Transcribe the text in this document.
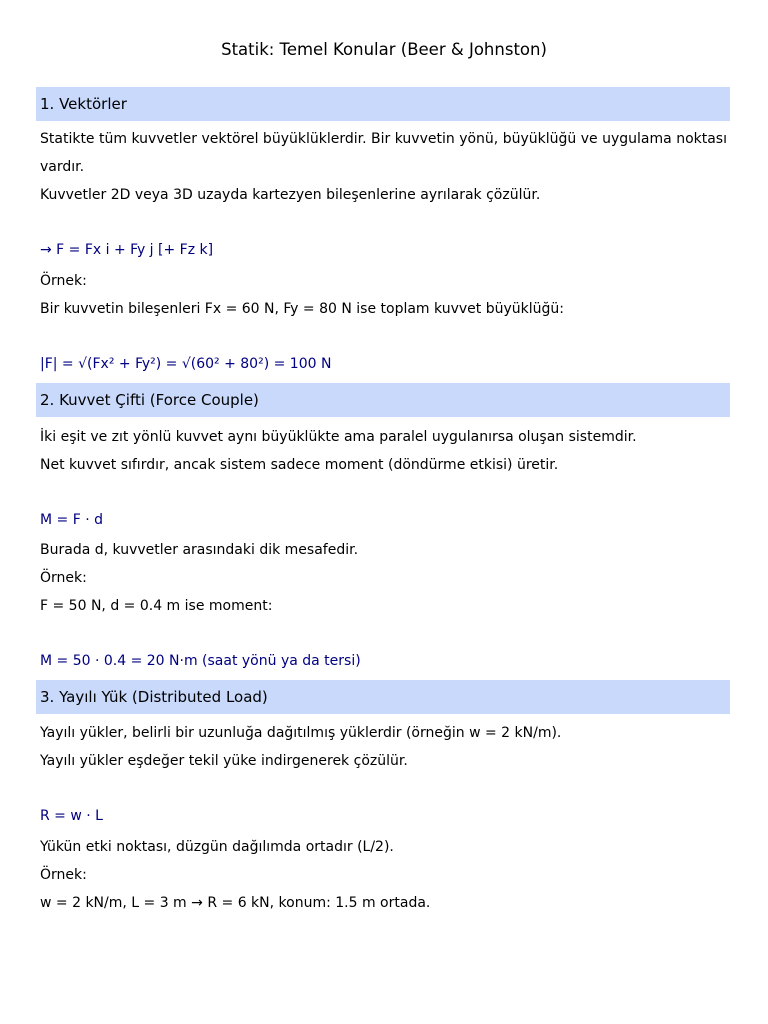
Statik: Temel Konular (Beer & Johnston)
1. Vektörler
Statikte tüm kuvvetler vektörel büyüklüklerdir. Bir kuvvetin yönü, büyüklüğü ve uygulama noktası vardır.
Kuvvetler 2D veya 3D uzayda kartezyen bileşenlerine ayrılarak çözülür.
→ F = Fx i + Fy j [+ Fz k]
Örnek:
Bir kuvvetin bileşenleri Fx = 60 N, Fy = 80 N ise toplam kuvvet büyüklüğü:
|F| = √(Fx² + Fy²) = √(60² + 80²) = 100 N
2. Kuvvet Çifti (Force Couple)
İki eşit ve zıt yönlü kuvvet aynı büyüklükte ama paralel uygulanırsa oluşan sistemdir.
Net kuvvet sıfırdır, ancak sistem sadece moment (döndürme etkisi) üretir.
M = F · d
Burada d, kuvvetler arasındaki dik mesafedir.
Örnek:
F = 50 N, d = 0.4 m ise moment:
M = 50 · 0.4 = 20 N·m (saat yönü ya da tersi)
3. Yayılı Yük (Distributed Load)
Yayılı yükler, belirli bir uzunluğa dağıtılmış yüklerdir (örneğin w = 2 kN/m).
Yayılı yükler eşdeğer tekil yüke indirgenerek çözülür.
R = w · L
Yükün etki noktası, düzgün dağılımda ortadır (L/2).
Örnek:
w = 2 kN/m, L = 3 m → R = 6 kN, konum: 1.5 m ortada.
